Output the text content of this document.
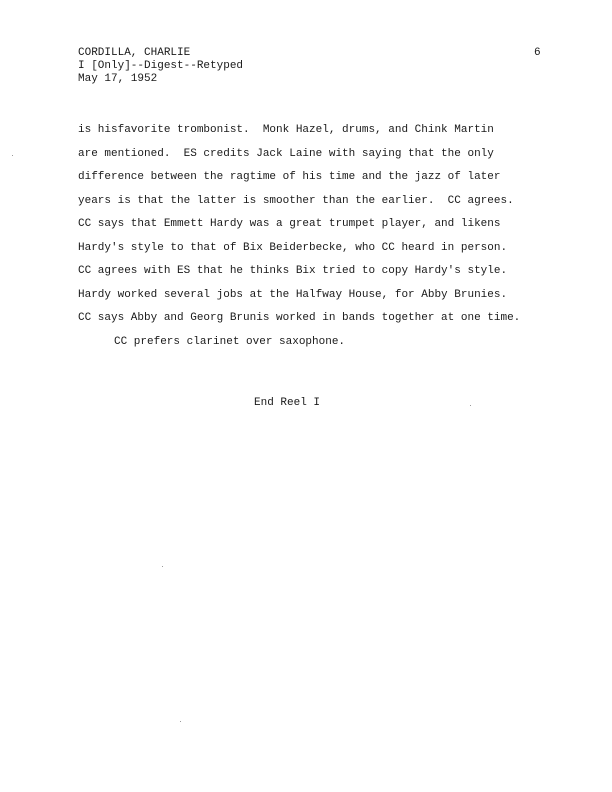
CORDILLA, CHARLIE
I [Only]--Digest--Retyped
May 17, 1952
6
is hisfavorite trombonist.  Monk Hazel, drums, and Chink Martin
are mentioned.  ES credits Jack Laine with saying that the only
difference between the ragtime of his time and the jazz of later
years is that the latter is smoother than the earlier.  CC agrees.
CC says that Emmett Hardy was a great trumpet player, and likens
Hardy's style to that of Bix Beiderbecke, who CC heard in person.
CC agrees with ES that he thinks Bix tried to copy Hardy's style.
Hardy worked several jobs at the Halfway House, for Abby Brunies.
CC says Abby and Georg Brunis worked in bands together at one time.
CC prefers clarinet over saxophone.
End Reel I
